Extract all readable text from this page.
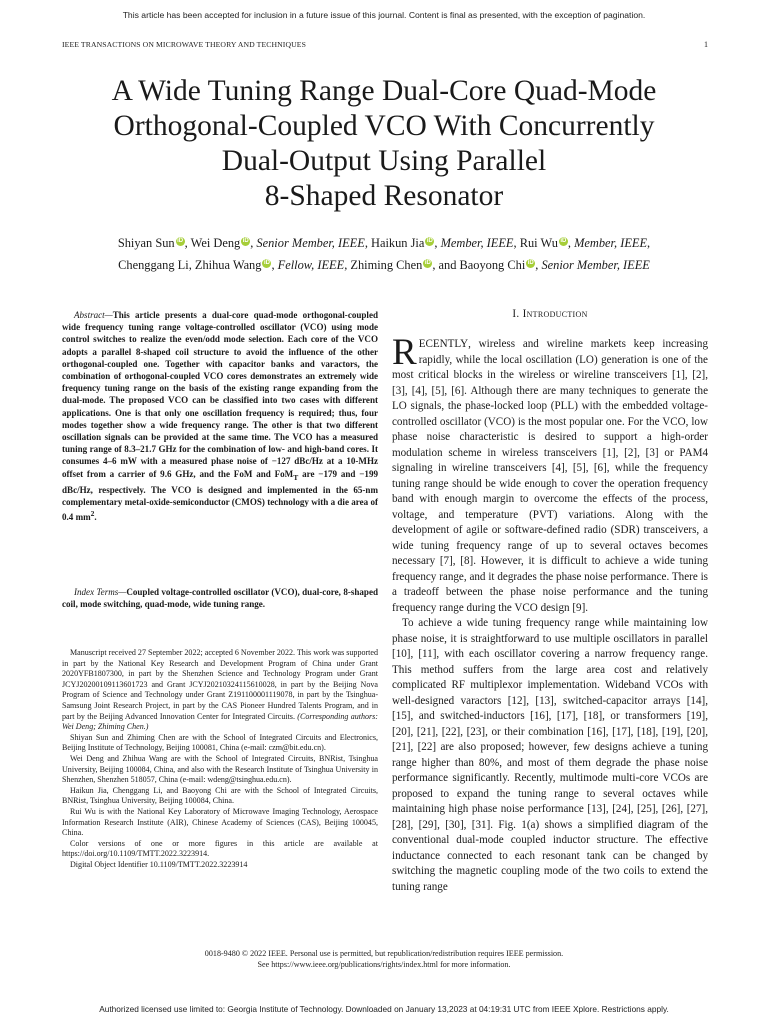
This article has been accepted for inclusion in a future issue of this journal. Content is final as presented, with the exception of pagination.
IEEE TRANSACTIONS ON MICROWAVE THEORY AND TECHNIQUES	1
A Wide Tuning Range Dual-Core Quad-Mode
Orthogonal-Coupled VCO With Concurrently
Dual-Output Using Parallel
8-Shaped Resonator
Shiyan Sun iD , Wei Deng iD , Senior Member, IEEE, Haikun Jia iD , Member, IEEE, Rui Wu iD , Member, IEEE,
Chenggang Li, Zhihua Wang iD , Fellow, IEEE, Zhiming Chen iD , and Baoyong Chi iD , Senior Member, IEEE
Abstract—This article presents a dual-core quad-mode orthogonal-coupled wide frequency tuning range voltage-controlled oscillator (VCO) using mode control switches to realize the even/odd mode selection. Each core of the VCO adopts a parallel 8-shaped coil structure to avoid the influence of the other orthogonal-coupled one. Together with capacitor banks and varactors, the combination of orthogonal-coupled VCO cores demonstrates an extremely wide frequency tuning range on the basis of the existing range expanding from the dual-mode. The proposed VCO can be classified into two cases with different applications. One is that only one oscillation frequency is required; thus, four modes together show a wide frequency range. The other is that two different oscillation signals can be provided at the same time. The VCO has a measured tuning range of 8.3–21.7 GHz for the combination of low- and high-band cores. It consumes 4–6 mW with a measured phase noise of −127 dBc/Hz at a 10-MHz offset from a carrier of 9.6 GHz, and the FoM and FoM$_T$ are −179 and −199 dBc/Hz, respectively. The VCO is designed and implemented in the 65-nm complementary metal-oxide-semiconductor (CMOS) technology with a die area of 0.4 $mm^2$.
Index Terms—Coupled voltage-controlled oscillator (VCO), dual-core, 8-shaped coil, mode switching, quad-mode, wide tuning range.

Manuscript received 27 September 2022; accepted 6 November 2022. This work was supported in part by the National Key Research and Development Program of China under Grant 2020YFB1807300, in part by the Shenzhen Science and Technology Program under Grant JCYJ20200109113601723 and Grant JCYJ20210324115610028, in part by the Beijing Nova Program of Science and Technology under Grant Z191100001119078, in part by the Tsinghua-Samsung Joint Research Project, in part by the CAS Pioneer Hundred Talents Program, and in part by the Beijing Advanced Innovation Center for Integrated Circuits. (Corresponding authors: Wei Deng; Zhiming Chen.)

Shiyan Sun and Zhiming Chen are with the School of Integrated Circuits and Electronics, Beijing Institute of Technology, Beijing 100081, China (e-mail: czm@bit.edu.cn).

Wei Deng and Zhihua Wang are with the School of Integrated Circuits, BNRist, Tsinghua University, Beijing 100084, China, and also with the Research Institute of Tsinghua University in Shenzhen, Shenzhen 518057, China (e-mail: wdeng@tsinghua.edu.cn).

Haikun Jia, Chenggang Li, and Baoyong Chi are with the School of Integrated Circuits, BNRist, Tsinghua University, Beijing 100084, China.

Rui Wu is with the National Key Laboratory of Microwave Imaging Technology, Aerospace Information Research Institute (AIR), Chinese Academy of Sciences (CAS), Beijing 100045, China.

Color versions of one or more figures in this article are available at https://doi.org/10.1109/TMTT.2022.3223914.

Digital Object Identifier 10.1109/TMTT.2022.3223914

I. Introduction

RECENTLY, wireless and wireline markets keep increasing rapidly, while the local oscillation (LO) generation is one of the most critical blocks in the wireless or wireline transceivers [1], [2], [3], [4], [5], [6]. Although there are many techniques to generate the LO signals, the phase-locked loop (PLL) with the embedded voltage-controlled oscillator (VCO) is the most popular one. For the VCO, low phase noise characteristic is desired to support a high-order modulation scheme in wireless transceivers [1], [2], [3] or PAM4 signaling in wireline transceivers [4], [5], [6], while the frequency tuning range should be wide enough to cover the operation frequency band with enough margin to overcome the effects of the process, voltage, and temperature (PVT) variations. Along with the development of agile or software-defined radio (SDR) transceivers, a wide tuning frequency range of up to several octaves becomes necessary [7], [8]. However, it is difficult to achieve a wide tuning frequency range, and it degrades the phase noise performance. There is a tradeoff between the phase noise performance and the tuning frequency range during the VCO design [9].

To achieve a wide tuning frequency range while maintaining low phase noise, it is straightforward to use multiple oscillators in parallel [10], [11], with each oscillator covering a narrow frequency range. This method suffers from the large area cost and relatively complicated RF multiplexor implementation. Wideband VCOs with well-designed varactors [12], [13], switched-capacitor arrays [14], [15], and switched-inductors [16], [17], [18], or transformers [19], [20], [21], [22], [23], or their combination [16], [17], [18], [19], [20], [21], [22] are also proposed; however, few designs achieve a tuning range higher than 80%, and most of them degrade the phase noise performance significantly. Recently, multimode multi-core VCOs are proposed to expand the tuning range to several octaves while maintaining high phase noise performance [13], [24], [25], [26], [27], [28], [29], [30], [31]. Fig. 1(a) shows a simplified diagram of the conventional dual-mode coupled inductor structure. The effective inductance connected to each resonant tank can be changed by switching the magnetic coupling mode of the two coils to extend the tuning range

0018-9480 © 2022 IEEE. Personal use is permitted, but republication/redistribution requires IEEE permission.
See https://www.ieee.org/publications/rights/index.html for more information.
Authorized licensed use limited to: Georgia Institute of Technology. Downloaded on January 13,2023 at 04:19:31 UTC from IEEE Xplore. Restrictions apply.
